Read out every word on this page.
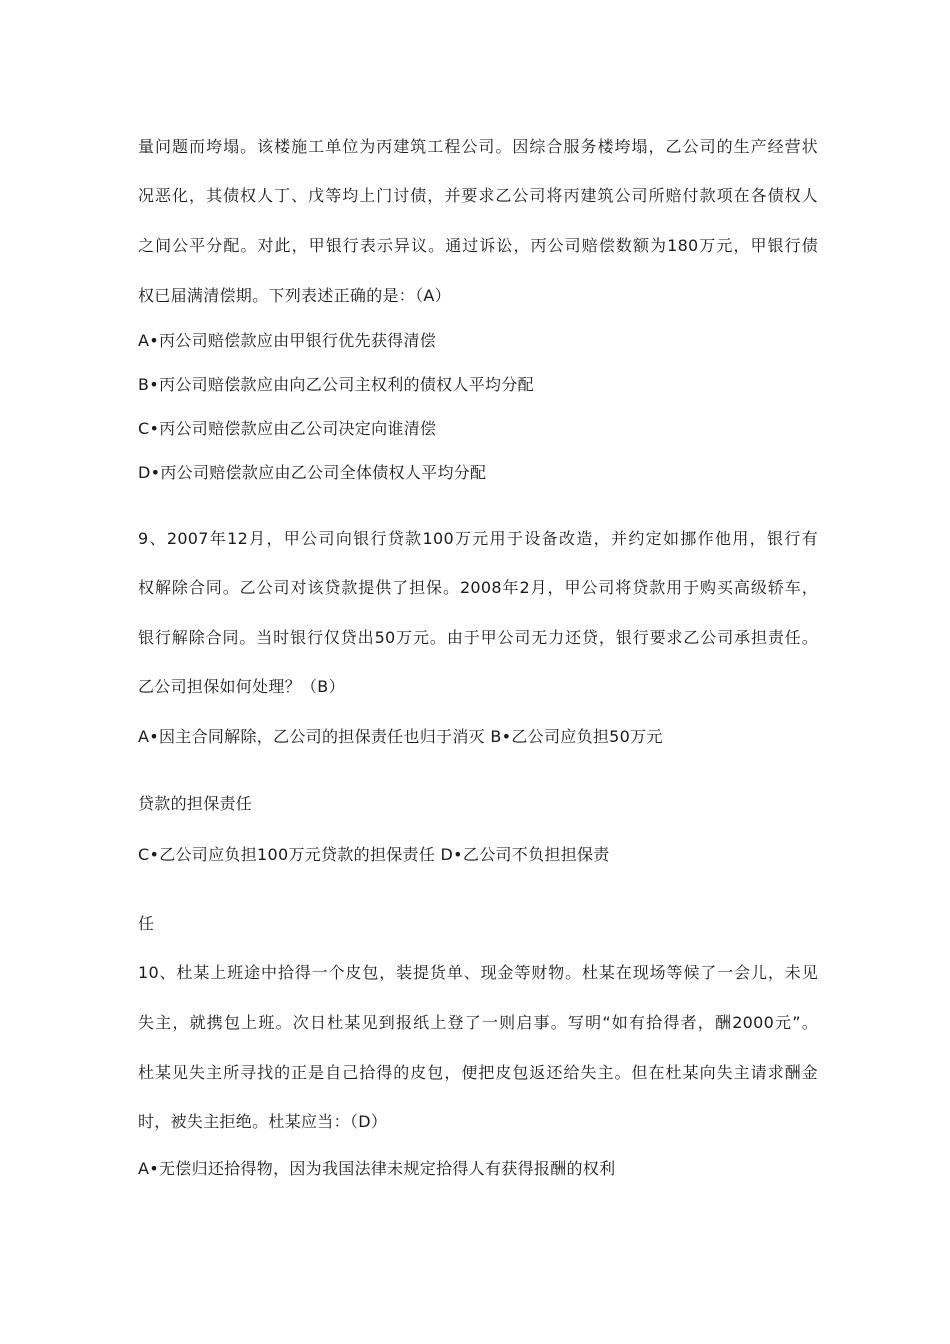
量问题而垮塌。该楼施工单位为丙建筑工程公司。因综合服务楼垮塌，乙公司的生产经营状
况恶化，其债权人丁、戊等均上门讨债，并要求乙公司将丙建筑公司所赔付款项在各债权人
之间公平分配。对此，甲银行表示异议。通过诉讼，丙公司赔偿数额为180万元，甲银行债
权已届满清偿期。下列表述正确的是：（A）
A•丙公司赔偿款应由甲银行优先获得清偿
B•丙公司赔偿款应由向乙公司主权利的债权人平均分配
C•丙公司赔偿款应由乙公司决定向谁清偿
D•丙公司赔偿款应由乙公司全体债权人平均分配
9、2007年12月，甲公司向银行贷款100万元用于设备改造，并约定如挪作他用，银行有
权解除合同。乙公司对该贷款提供了担保。2008年2月，甲公司将贷款用于购买高级轿车，
银行解除合同。当时银行仅贷出50万元。由于甲公司无力还贷，银行要求乙公司承担责任。
乙公司担保如何处理？（B）
A•因主合同解除，乙公司的担保责任也归于消灭 B•乙公司应负担50万元
贷款的担保责任
C•乙公司应负担100万元贷款的担保责任 D•乙公司不负担担保责
任
10、杜某上班途中拾得一个皮包，装提货单、现金等财物。杜某在现场等候了一会儿，未见
失主，就携包上班。次日杜某见到报纸上登了一则启事。写明“如有拾得者，酬2000元”。
杜某见失主所寻找的正是自己拾得的皮包，便把皮包返还给失主。但在杜某向失主请求酬金
时，被失主拒绝。杜某应当：（D）
A•无偿归还拾得物，因为我国法律未规定拾得人有获得报酬的权利
